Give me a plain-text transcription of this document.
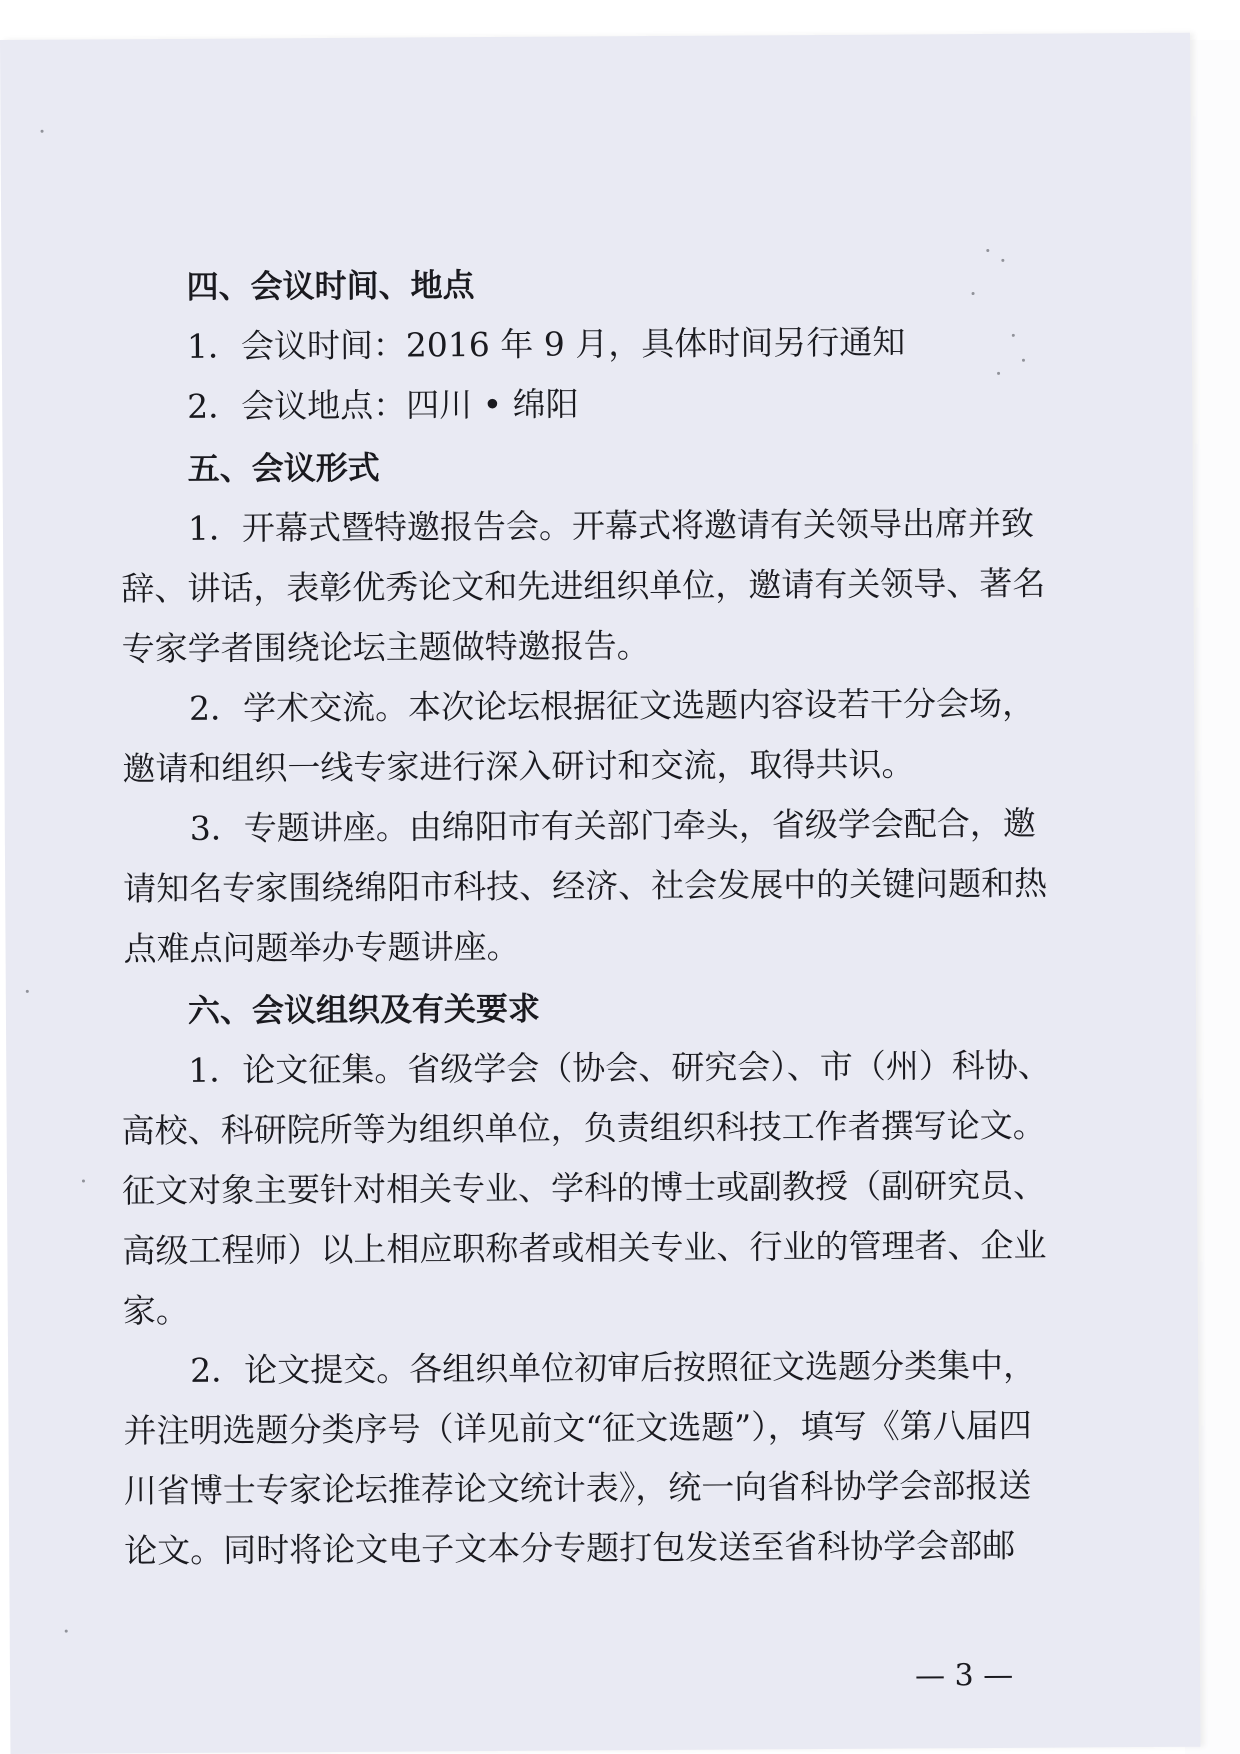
四、会议时间、地点
1．会议时间：2016 年 9 月，具体时间另行通知
2．会议地点：四川 • 绵阳
五、会议形式
1．开幕式暨特邀报告会。开幕式将邀请有关领导出席并致
辞、讲话，表彰优秀论文和先进组织单位，邀请有关领导、著名
专家学者围绕论坛主题做特邀报告。
2．学术交流。本次论坛根据征文选题内容设若干分会场，
邀请和组织一线专家进行深入研讨和交流，取得共识。
3．专题讲座。由绵阳市有关部门牵头，省级学会配合，邀
请知名专家围绕绵阳市科技、经济、社会发展中的关键问题和热
点难点问题举办专题讲座。
六、会议组织及有关要求
1．论文征集。省级学会（协会、研究会）、市（州）科协、
高校、科研院所等为组织单位，负责组织科技工作者撰写论文。
征文对象主要针对相关专业、学科的博士或副教授（副研究员、
高级工程师）以上相应职称者或相关专业、行业的管理者、企业
家。
2．论文提交。各组织单位初审后按照征文选题分类集中，
并注明选题分类序号（详见前文“征文选题”），填写《第八届四
川省博士专家论坛推荐论文统计表》，统一向省科协学会部报送
论文。同时将论文电子文本分专题打包发送至省科协学会部邮
— 3 —
